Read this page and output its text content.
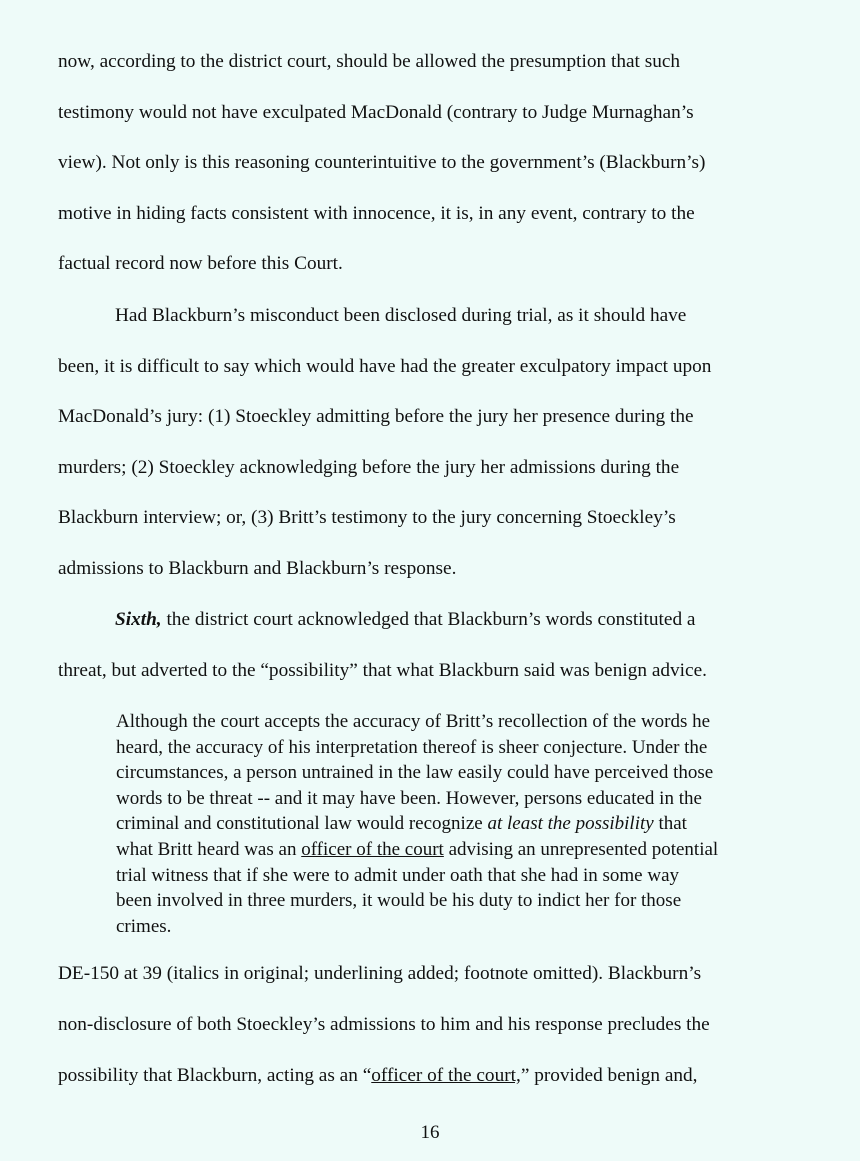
now, according to the district court, should be allowed the presumption that such
testimony would not have exculpated MacDonald (contrary to Judge Murnaghan’s
view). Not only is this reasoning counterintuitive to the government’s (Blackburn’s)
motive in hiding facts consistent with innocence, it is, in any event, contrary to the
factual record now before this Court.
Had Blackburn’s misconduct been disclosed during trial, as it should have
been, it is difficult to say which would have had the greater exculpatory impact upon
MacDonald’s jury: (1) Stoeckley admitting before the jury her presence during the
murders; (2) Stoeckley acknowledging before the jury her admissions during the
Blackburn interview; or, (3) Britt’s testimony to the jury concerning Stoeckley’s
admissions to Blackburn and Blackburn’s response.
Sixth, the district court acknowledged that Blackburn’s words constituted a
threat, but adverted to the “possibility” that what Blackburn said was benign advice.

Although the court accepts the accuracy of Britt’s recollection of the words he

heard, the accuracy of his interpretation thereof is sheer conjecture. Under the

circumstances, a person untrained in the law easily could have perceived those

words to be threat -- and it may have been. However, persons educated in the

criminal and constitutional law would recognize at least the possibility that

what Britt heard was an officer of the court advising an unrepresented potential

trial witness that if she were to admit under oath that she had in some way

been involved in three murders, it would be his duty to indict her for those

crimes.

DE-150 at 39 (italics in original; underlining added; footnote omitted). Blackburn’s
non-disclosure of both Stoeckley’s admissions to him and his response precludes the
possibility that Blackburn, acting as an “officer of the court,” provided benign and,
16
